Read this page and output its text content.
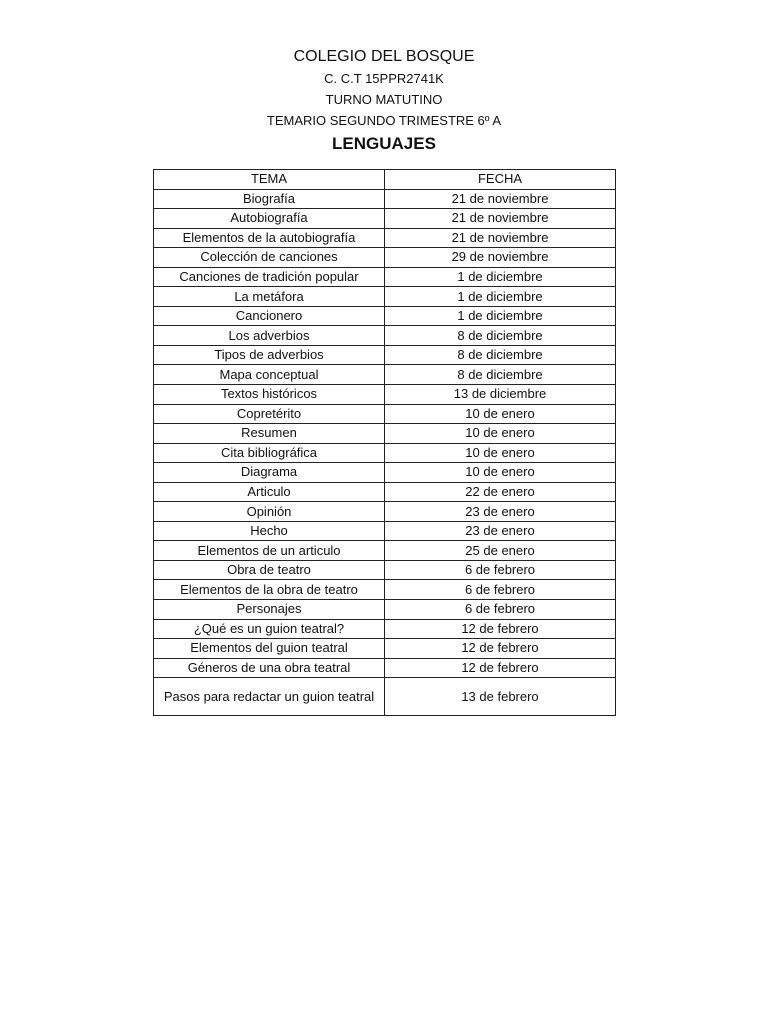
COLEGIO DEL BOSQUE
C. C.T 15PPR2741K
TURNO MATUTINO
TEMARIO SEGUNDO TRIMESTRE 6º A
LENGUAJES
TEMA	FECHA
Biografía	21 de noviembre
Autobiografía	21 de noviembre
Elementos de la autobiografía	21 de noviembre
Colección de canciones	29 de noviembre
Canciones de tradición popular	1 de diciembre
La metáfora	1 de diciembre
Cancionero	1 de diciembre
Los adverbios	8 de diciembre
Tipos de adverbios	8 de diciembre
Mapa conceptual	8 de diciembre
Textos históricos	13 de diciembre
Copretérito	10 de enero
Resumen	10 de enero
Cita bibliográfica	10 de enero
Diagrama	10 de enero
Articulo	22 de enero
Opinión	23 de enero
Hecho	23 de enero
Elementos de un articulo	25 de enero
Obra de teatro	6 de febrero
Elementos de la obra de teatro	6 de febrero
Personajes	6 de febrero
¿Qué es un guion teatral?	12 de febrero
Elementos del guion teatral	12 de febrero
Géneros de una obra teatral	12 de febrero
Pasos para redactar un guion teatral	13 de febrero
